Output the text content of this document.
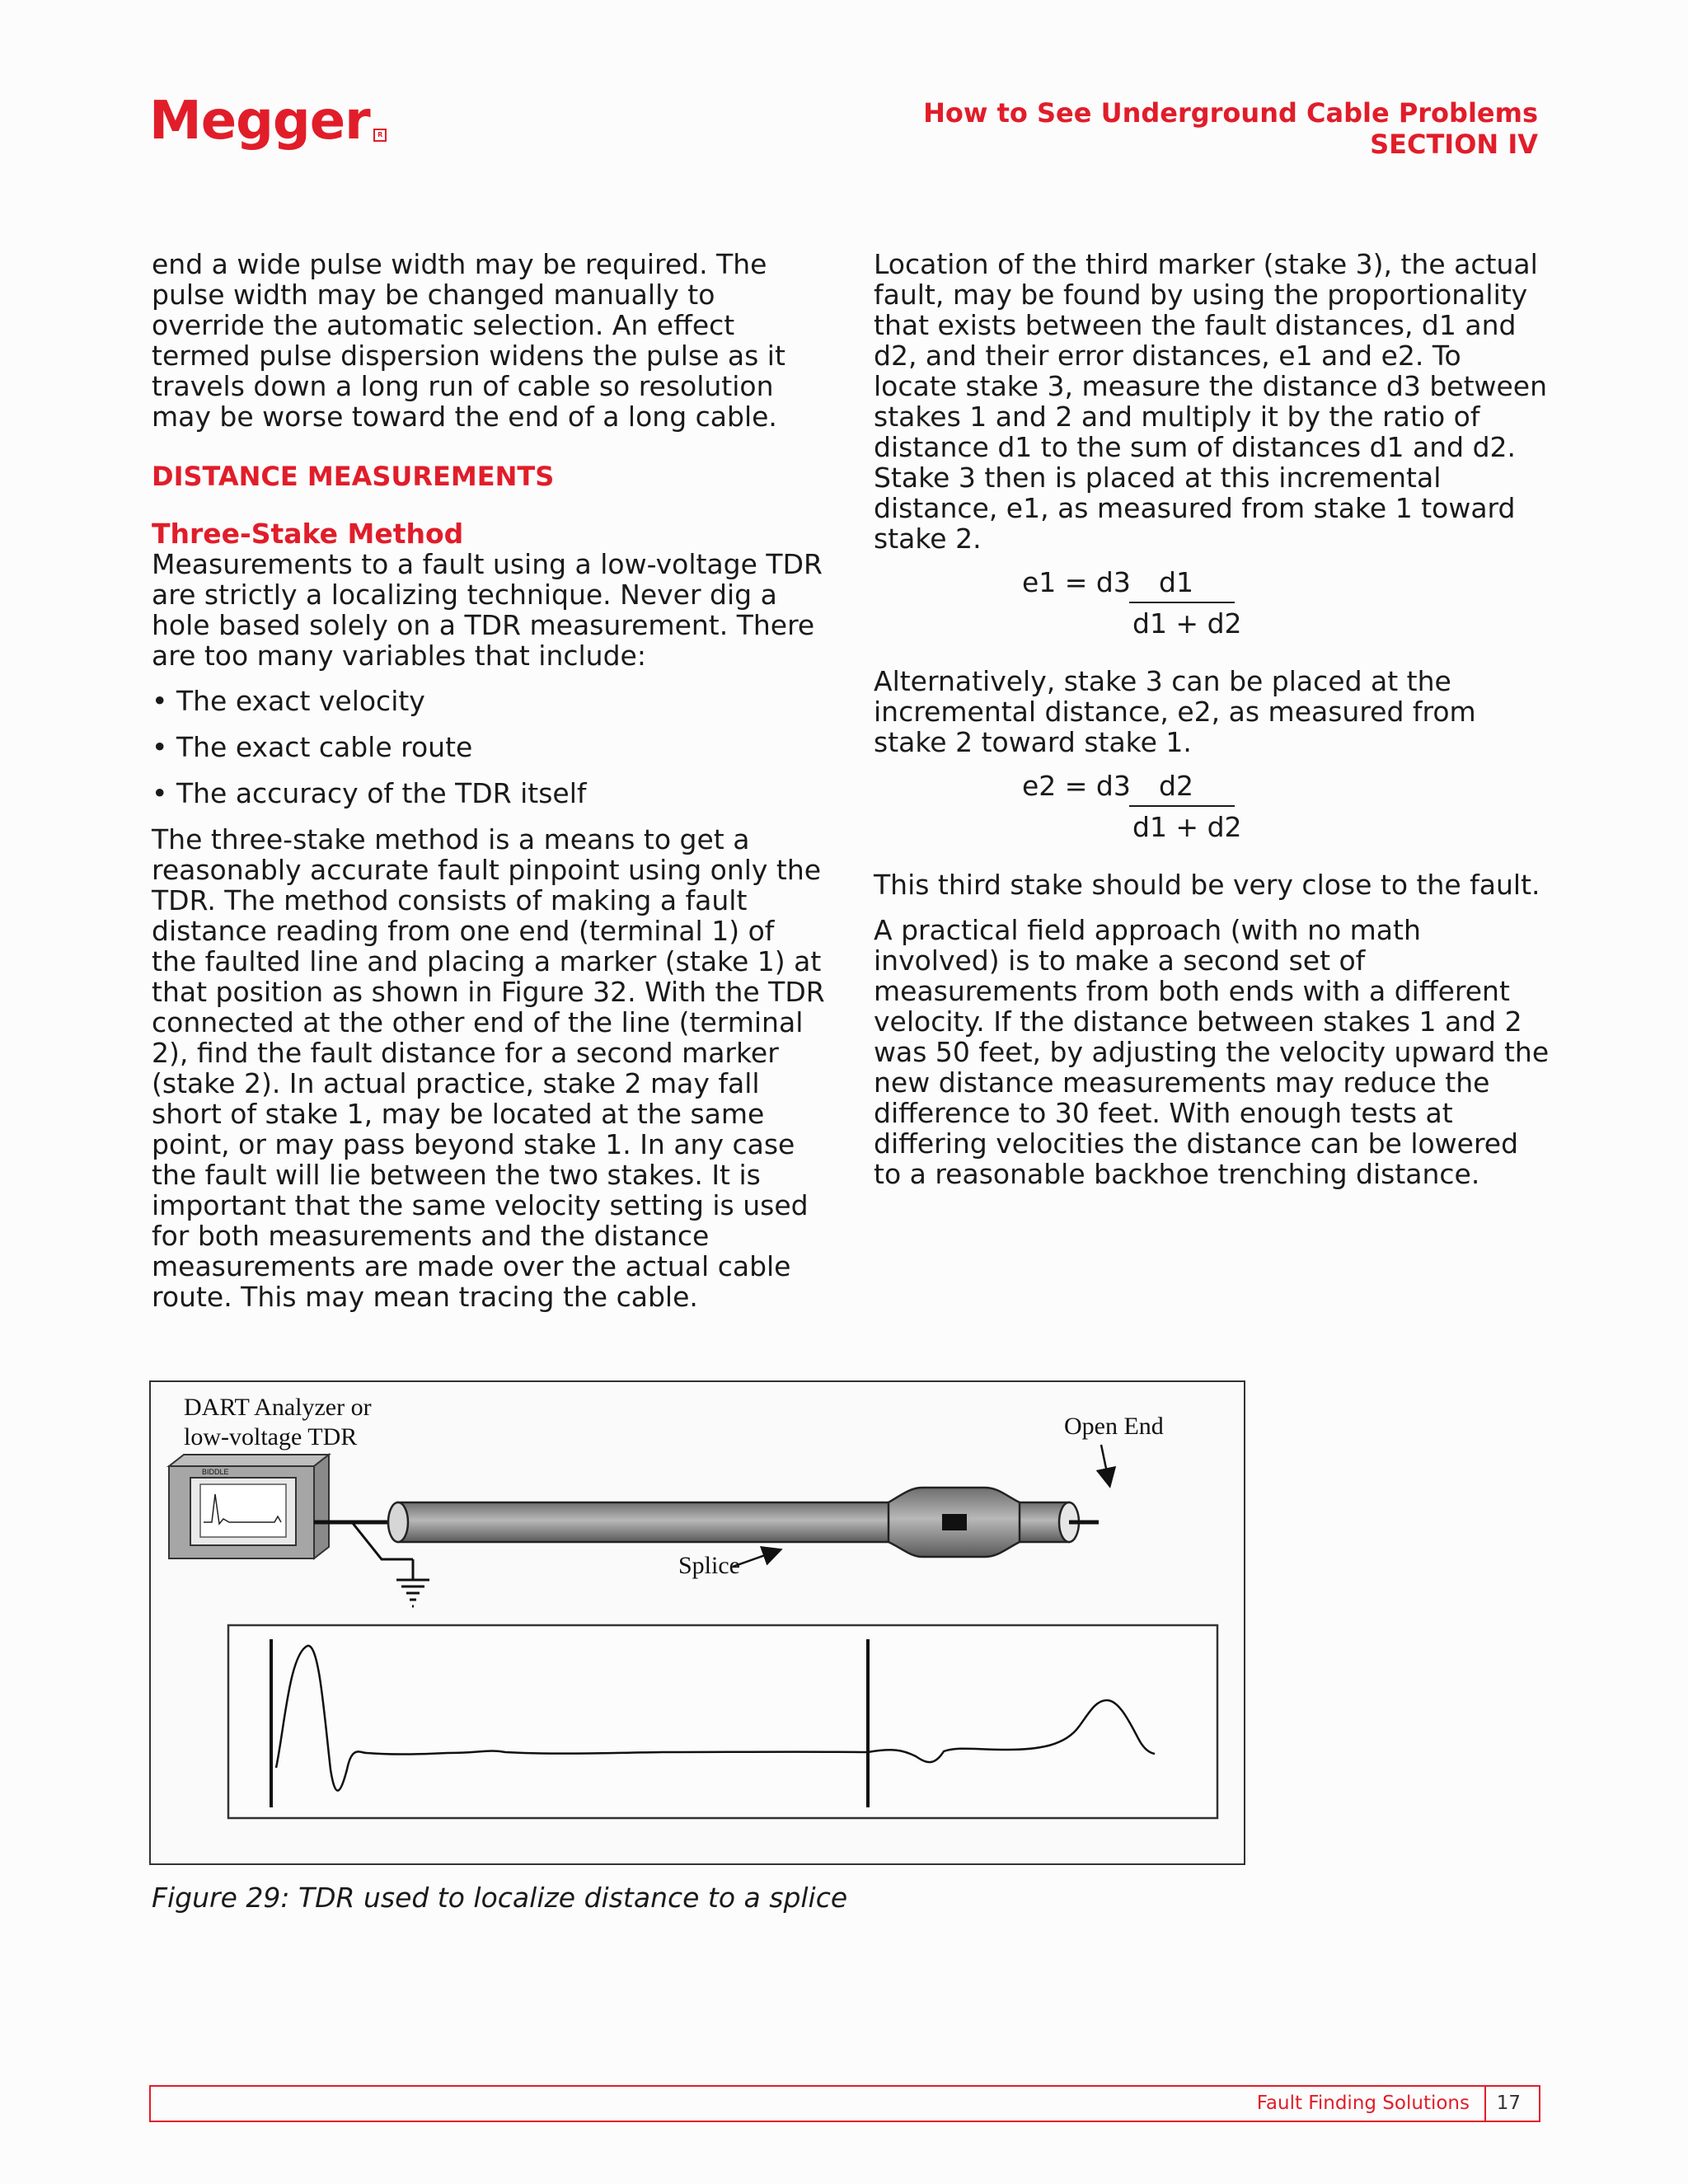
Megger R
How to See Underground Cable Problems
SECTION IV

end a wide pulse width may be required. The pulse width may be changed manually to override the automatic selection. An effect termed pulse dispersion widens the pulse as it travels down a long run of cable so resolution may be worse toward the end of a long cable.

DISTANCE MEASUREMENTS

Three-Stake Method

Measurements to a fault using a low-voltage TDR are strictly a localizing technique. Never dig a hole based solely on a TDR measurement. There are too many variables that include:

• The exact velocity
• The exact cable route
• The accuracy of the TDR itself

The three-stake method is a means to get a reasonably accurate fault pinpoint using only the TDR. The method consists of making a fault distance reading from one end (terminal 1) of the faulted line and placing a marker (stake 1) at that position as shown in Figure 32. With the TDR connected at the other end of the line (terminal 2), find the fault distance for a second marker (stake 2). In actual practice, stake 2 may fall short of stake 1, may be located at the same point, or may pass beyond stake 1. In any case the fault will lie between the two stakes. It is important that the same velocity setting is used for both measurements and the distance measurements are made over the actual cable route. This may mean tracing the cable.

Location of the third marker (stake 3), the actual fault, may be found by using the proportionality that exists between the fault distances, d1 and d2, and their error distances, e1 and e2. To locate stake 3, measure the distance d3 between stakes 1 and 2 and multiply it by the ratio of distance d1 to the sum of distances d1 and d2. Stake 3 then is placed at this incremental distance, e1, as measured from stake 1 toward stake 2.

e1 = d3 d1
d1 + d2

Alternatively, stake 3 can be placed at the incremental distance, e2, as measured from stake 2 toward stake 1.

e2 = d3 d2
d1 + d2

This third stake should be very close to the fault.

A practical field approach (with no math involved) is to make a second set of measurements from both ends with a different velocity. If the distance between stakes 1 and 2 was 50 feet, by adjusting the velocity upward the new distance measurements may reduce the difference to 30 feet. With enough tests at differing velocities the distance can be lowered to a reasonable backhoe trenching distance.

DART Analyzer or
low-voltage TDR	Open End
BIDDLE
Splice
Figure 29: TDR used to localize distance to a splice
Fault Finding Solutions 17
